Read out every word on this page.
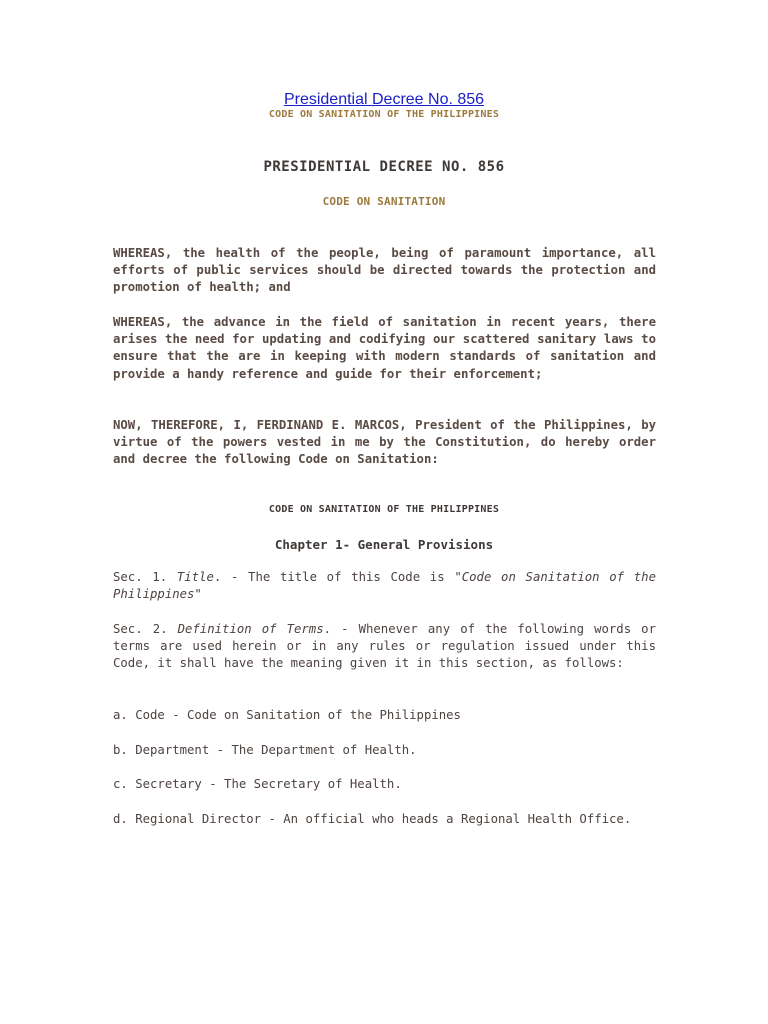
Presidential Decree No. 856
CODE ON SANITATION OF THE PHILIPPINES
PRESIDENTIAL DECREE NO. 856
CODE ON SANITATION
WHEREAS, the health of the people, being of paramount importance, all efforts of public services should be directed towards the protection and promotion of health; and
WHEREAS, the advance in the field of sanitation in recent years, there arises the need for updating and codifying our scattered sanitary laws to ensure that the are in keeping with modern standards of sanitation and provide a handy reference and guide for their enforcement;
NOW, THEREFORE, I, FERDINAND E. MARCOS, President of the Philippines, by virtue of the powers vested in me by the Constitution, do hereby order and decree the following Code on Sanitation:
CODE ON SANITATION OF THE PHILIPPINES
Chapter 1- General Provisions
Sec. 1. Title. - The title of this Code is "Code on Sanitation of the Philippines"
Sec. 2. Definition of Terms. - Whenever any of the following words or terms are used herein or in any rules or regulation issued under this Code, it shall have the meaning given it in this section, as follows:
a. Code - Code on Sanitation of the Philippines
b. Department - The Department of Health.
c. Secretary - The Secretary of Health.
d. Regional Director - An official who heads a Regional Health Office.
